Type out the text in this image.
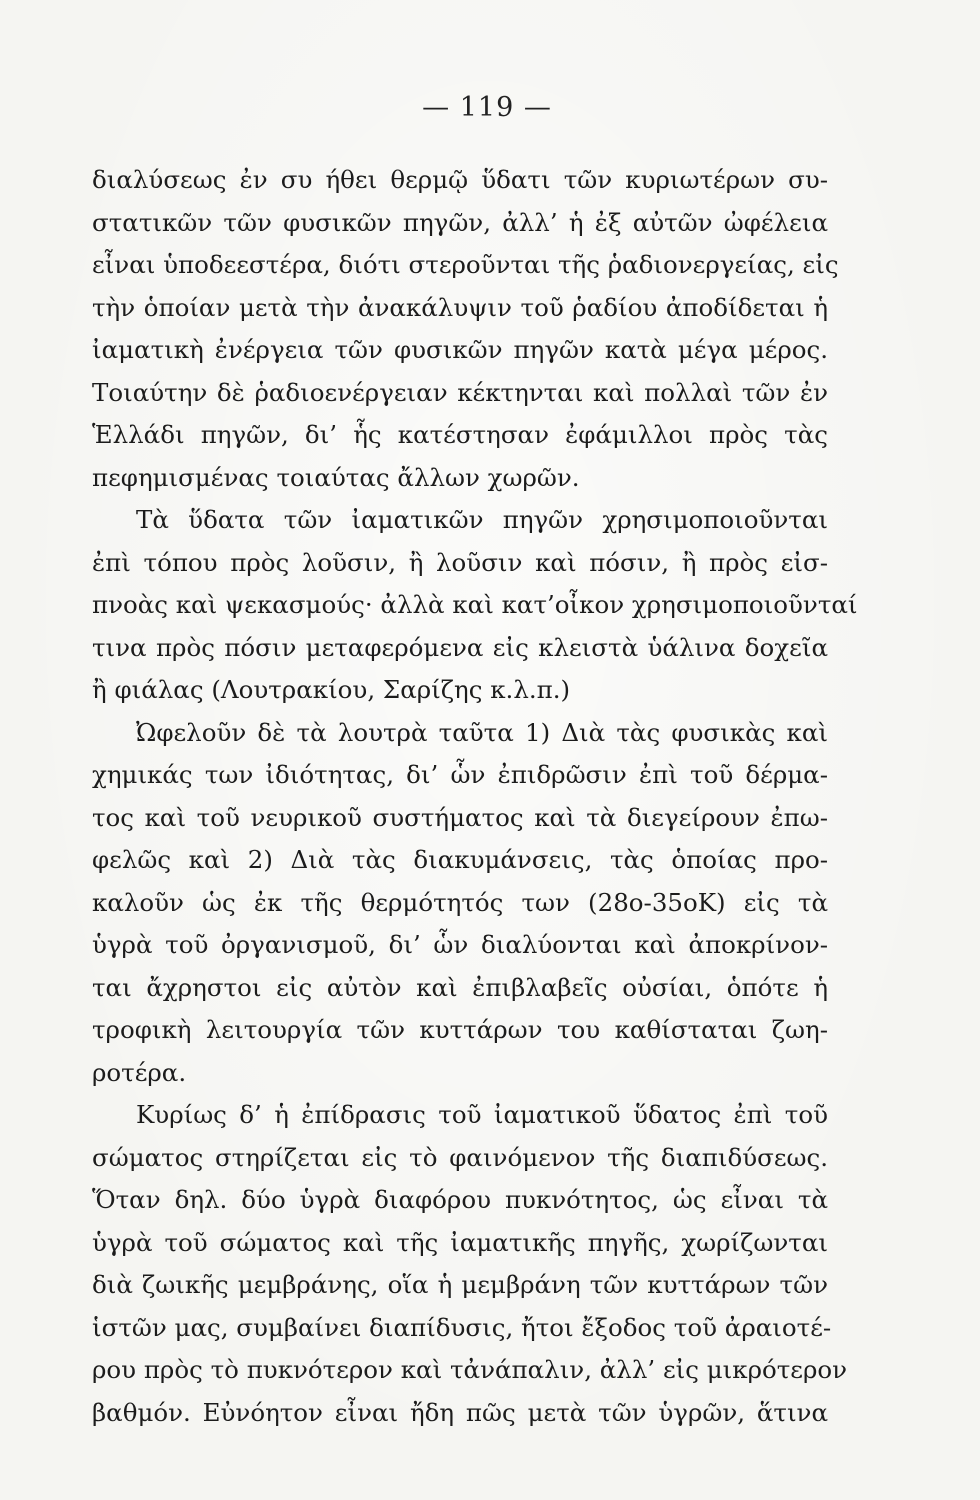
— 119 —
διαλύσεως ἐν συ ήθει θερμῷ ὕδατι τῶν κυριωτέρων συ-
στατικῶν τῶν φυσικῶν πηγῶν, ἀλλ’ ἡ ἐξ αὐτῶν ὠφέλεια
εἶναι ὑποδεεστέρα, διότι στεροῦνται τῆς ῥαδιονεργείας, εἰς
τὴν ὁποίαν μετὰ τὴν ἀνακάλυψιν τοῦ ῥαδίου ἀποδίδεται ἡ
ἰαματικὴ ἐνέργεια τῶν φυσικῶν πηγῶν κατὰ μέγα μέρος.
Τοιαύτην δὲ ῥαδιοενέργειαν κέκτηνται καὶ πολλαὶ τῶν ἐν
Ἑλλάδι πηγῶν, δι’ ἧς κατέστησαν ἐφάμιλλοι πρὸς τὰς
πεφημισμένας τοιαύτας ἄλλων χωρῶν.
Τὰ ὕδατα τῶν ἰαματικῶν πηγῶν χρησιμοποιοῦνται
ἐπὶ τόπου πρὸς λοῦσιν, ἢ λοῦσιν καὶ πόσιν, ἢ πρὸς εἰσ-
πνοὰς καὶ ψεκασμούς· ἀλλὰ καὶ κατ’οἶκον χρησιμοποιοῦνταί
τινα πρὸς πόσιν μεταφερόμενα εἰς κλειστὰ ὑάλινα δοχεῖα
ἢ φιάλας (Λουτρακίου, Σαρίζης κ.λ.π.)
Ὠφελοῦν δὲ τὰ λουτρὰ ταῦτα 1) Διὰ τὰς φυσικὰς καὶ
χημικάς των ἰδιότητας, δι’ ὧν ἐπιδρῶσιν ἐπὶ τοῦ δέρμα-
τος καὶ τοῦ νευρικοῦ συστήματος καὶ τὰ διεγείρουν ἐπω-
φελῶς καὶ 2) Διὰ τὰς διακυμάνσεις, τὰς ὁποίας προ-
καλοῦν ὡς ἐκ τῆς θερμότητός των (28ο-35οΚ) εἰς τὰ
ὑγρὰ τοῦ ὀργανισμοῦ, δι’ ὧν διαλύονται καὶ ἀποκρίνον-
ται ἄχρηστοι εἰς αὐτὸν καὶ ἐπιβλαβεῖς οὐσίαι, ὁπότε ἡ
τροφικὴ λειτουργία τῶν κυττάρων του καθίσταται ζωη-
ροτέρα.
Κυρίως δ’ ἡ ἐπίδρασις τοῦ ἰαματικοῦ ὕδατος ἐπὶ τοῦ
σώματος στηρίζεται εἰς τὸ φαινόμενον τῆς διαπιδύσεως.
Ὅταν δηλ. δύο ὑγρὰ διαφόρου πυκνότητος, ὡς εἶναι τὰ
ὑγρὰ τοῦ σώματος καὶ τῆς ἰαματικῆς πηγῆς, χωρίζωνται
διὰ ζωικῆς μεμβράνης, οἵα ἡ μεμβράνη τῶν κυττάρων τῶν
ἱστῶν μας, συμβαίνει διαπίδυσις, ἤτοι ἔξοδος τοῦ ἀραιοτέ-
ρου πρὸς τὸ πυκνότερον καὶ τἀνάπαλιν, ἀλλ’ εἰς μικρότερον
βαθμόν. Εὐνόητον εἶναι ἤδη πῶς μετὰ τῶν ὑγρῶν, ἅτινα
